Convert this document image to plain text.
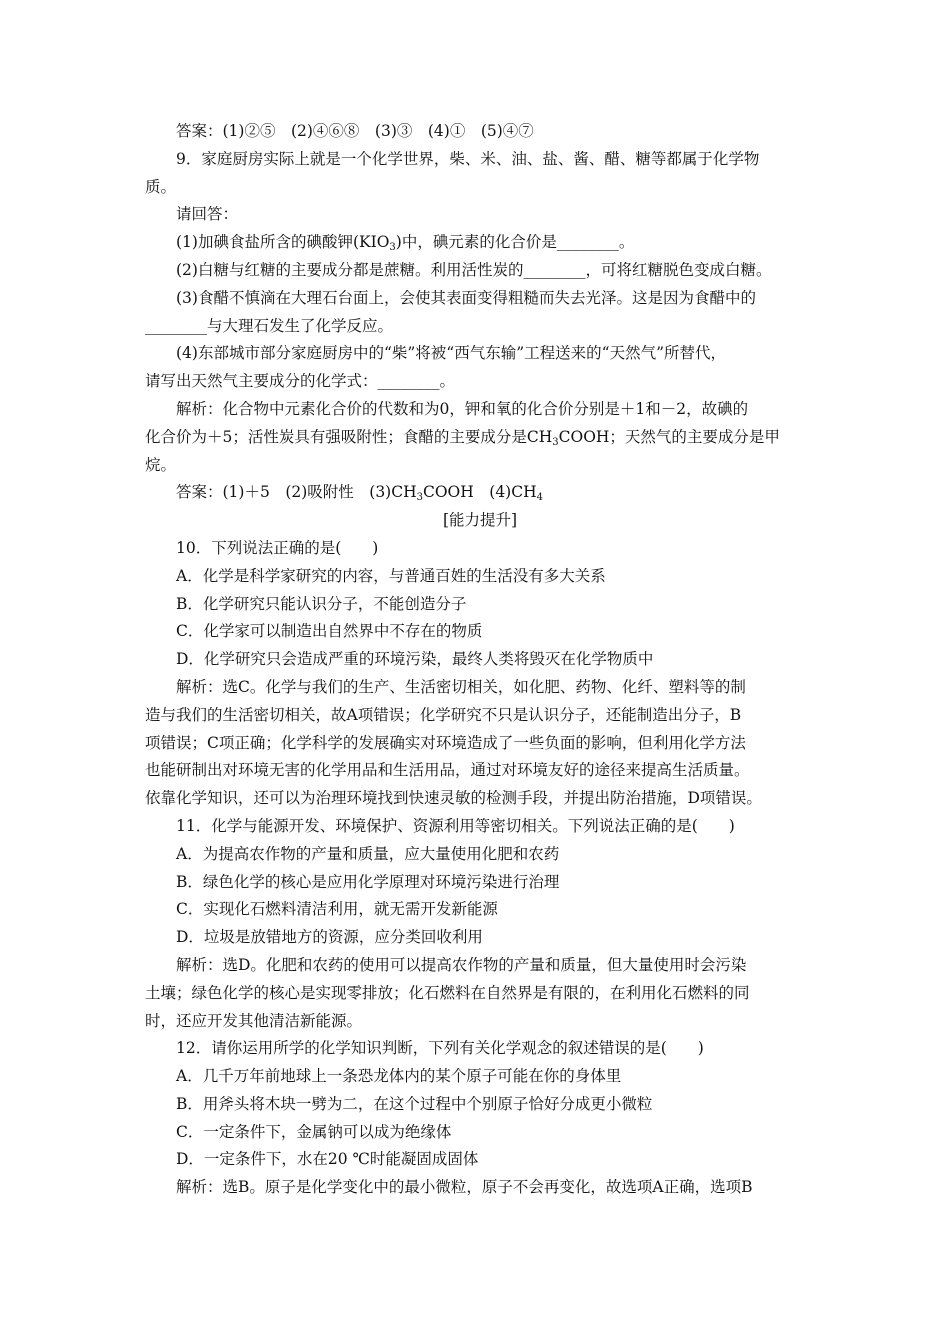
答案：(1)②⑤　(2)④⑥⑧　(3)③　(4)①　(5)④⑦

9．家庭厨房实际上就是一个化学世界，柴、米、油、盐、酱、醋、糖等都属于化学物

质。

请回答：

(1)加碘食盐所含的碘酸钾$(KIO_3)$中，碘元素的化合价是________。

(2)白糖与红糖的主要成分都是蔗糖。利用活性炭的________，可将红糖脱色变成白糖。

(3)食醋不慎滴在大理石台面上，会使其表面变得粗糙而失去光泽。这是因为食醋中的

________与大理石发生了化学反应。

(4)东部城市部分家庭厨房中的“柴”将被“西气东输”工程送来的“天然气”所替代，

请写出天然气主要成分的化学式：________。

解析：化合物中元素化合价的代数和为0，钾和氧的化合价分别是＋1和－2，故碘的

化合价为＋5；活性炭具有强吸附性；食醋的主要成分是$CH_3COOH$；天然气的主要成分是甲

烷。

答案：(1)＋5　(2)吸附性　$(3)CH_3COOH$　$(4)CH_4$

[能力提升]

10．下列说法正确的是(　　)

A．化学是科学家研究的内容，与普通百姓的生活没有多大关系

B．化学研究只能认识分子，不能创造分子

C．化学家可以制造出自然界中不存在的物质

D．化学研究只会造成严重的环境污染，最终人类将毁灭在化学物质中

解析：选C。化学与我们的生产、生活密切相关，如化肥、药物、化纤、塑料等的制

造与我们的生活密切相关，故A项错误；化学研究不只是认识分子，还能制造出分子，B

项错误；C项正确；化学科学的发展确实对环境造成了一些负面的影响，但利用化学方法

也能研制出对环境无害的化学用品和生活用品，通过对环境友好的途径来提高生活质量。

依靠化学知识，还可以为治理环境找到快速灵敏的检测手段，并提出防治措施，D项错误。

11．化学与能源开发、环境保护、资源利用等密切相关。下列说法正确的是(　　)

A．为提高农作物的产量和质量，应大量使用化肥和农药

B．绿色化学的核心是应用化学原理对环境污染进行治理

C．实现化石燃料清洁利用，就无需开发新能源

D．垃圾是放错地方的资源，应分类回收利用

解析：选D。化肥和农药的使用可以提高农作物的产量和质量，但大量使用时会污染

土壤；绿色化学的核心是实现零排放；化石燃料在自然界是有限的，在利用化石燃料的同

时，还应开发其他清洁新能源。

12．请你运用所学的化学知识判断，下列有关化学观念的叙述错误的是(　　)

A．几千万年前地球上一条恐龙体内的某个原子可能在你的身体里

B．用斧头将木块一劈为二，在这个过程中个别原子恰好分成更小微粒

C．一定条件下，金属钠可以成为绝缘体

D．一定条件下，水在20 ℃时能凝固成固体

解析：选B。原子是化学变化中的最小微粒，原子不会再变化，故选项A正确，选项B
